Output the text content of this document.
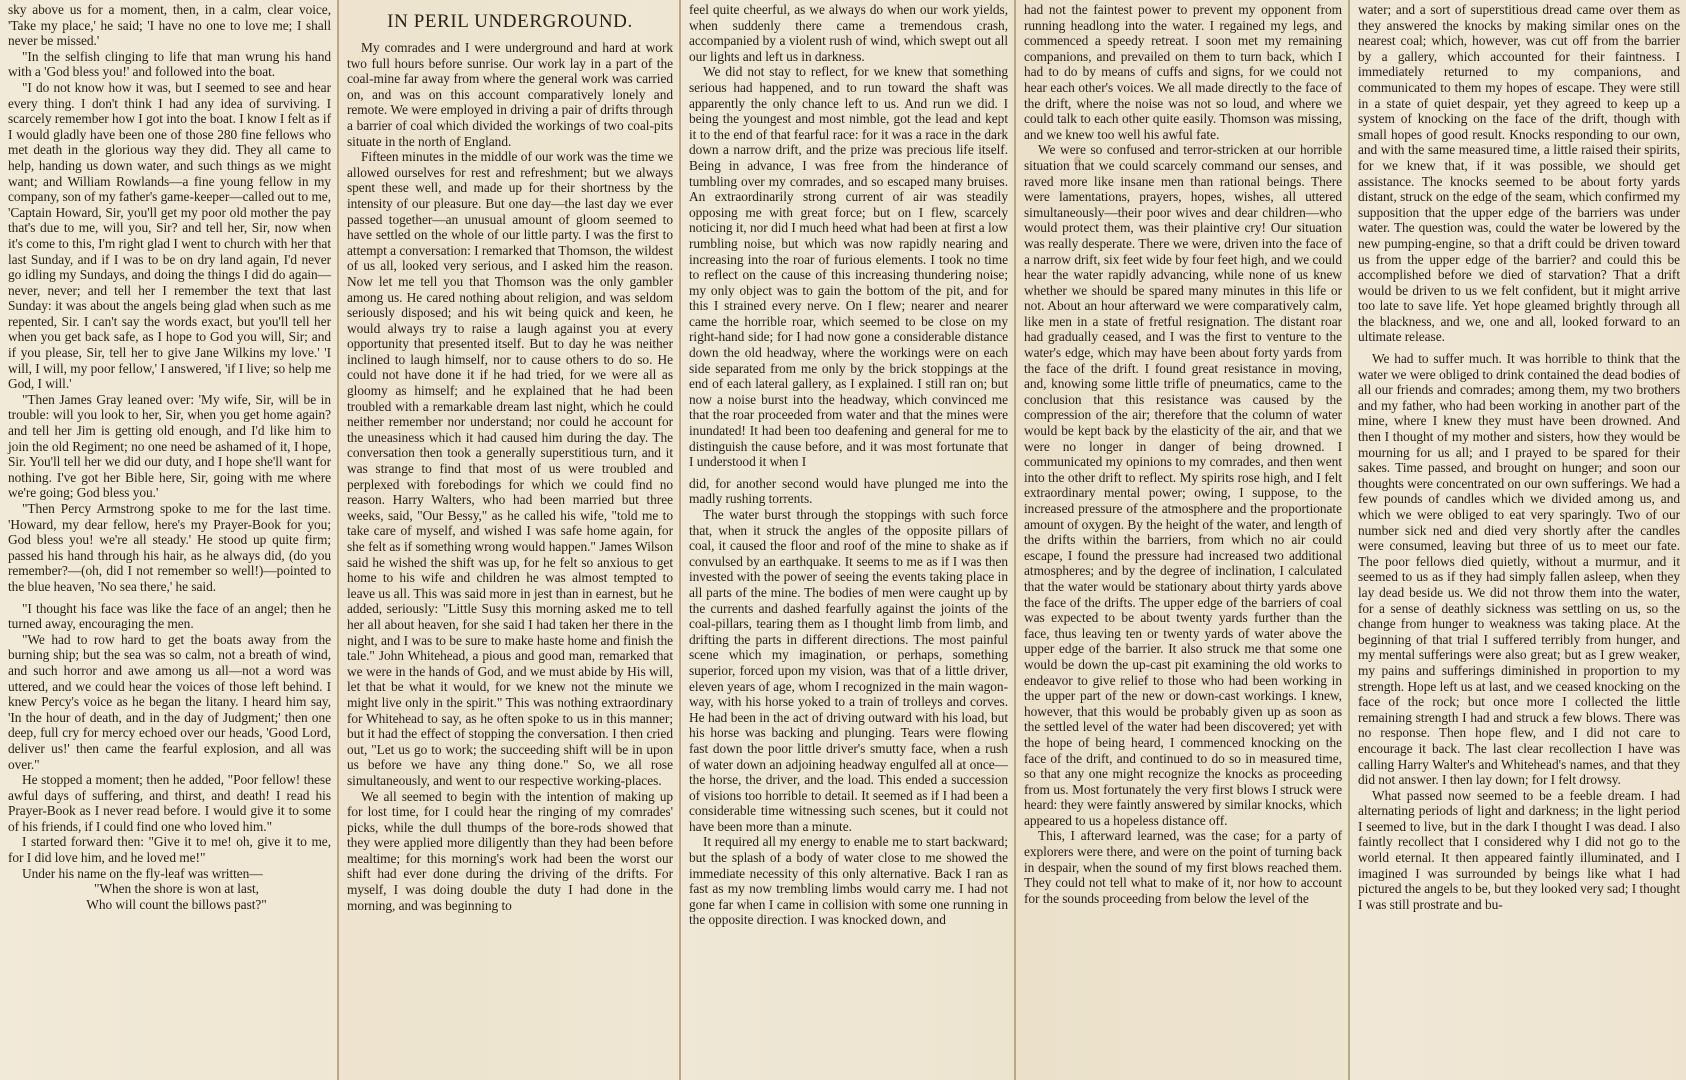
sky above us for a moment, then, in a calm, clear voice, 'Take my place,' he said; 'I have no one to love me; I shall never be missed.'

"In the selfish clinging to life that man wrung his hand with a 'God bless you!' and followed into the boat.

"I do not know how it was, but I seemed to see and hear every thing. I don't think I had any idea of surviving. I scarcely remember how I got into the boat. I know I felt as if I would gladly have been one of those 280 fine fellows who met death in the glorious way they did. They all came to help, handing us down water, and such things as we might want; and William Rowlands—a fine young fellow in my company, son of my father's game-keeper—called out to me, 'Captain Howard, Sir, you'll get my poor old mother the pay that's due to me, will you, Sir? and tell her, Sir, now when it's come to this, I'm right glad I went to church with her that last Sunday, and if I was to be on dry land again, I'd never go idling my Sundays, and doing the things I did do again—never, never; and tell her I remember the text that last Sunday: it was about the angels being glad when such as me repented, Sir. I can't say the words exact, but you'll tell her when you get back safe, as I hope to God you will, Sir; and if you please, Sir, tell her to give Jane Wilkins my love.' 'I will, I will, my poor fellow,' I answered, 'if I live; so help me God, I will.'

"Then James Gray leaned over: 'My wife, Sir, will be in trouble: will you look to her, Sir, when you get home again? and tell her Jim is getting old enough, and I'd like him to join the old Regiment; no one need be ashamed of it, I hope, Sir. You'll tell her we did our duty, and I hope she'll want for nothing. I've got her Bible here, Sir, going with me where we're going; God bless you.'

"Then Percy Armstrong spoke to me for the last time. 'Howard, my dear fellow, here's my Prayer-Book for you; God bless you! we're all steady.' He stood up quite firm; passed his hand through his hair, as he always did, (do you remember?—(oh, did I not remember so well!)—pointed to the blue heaven, 'No sea there,' he said.

"I thought his face was like the face of an angel; then he turned away, encouraging the men.

"We had to row hard to get the boats away from the burning ship; but the sea was so calm, not a breath of wind, and such horror and awe among us all—not a word was uttered, and we could hear the voices of those left behind. I knew Percy's voice as he began the litany. I heard him say, 'In the hour of death, and in the day of Judgment;' then one deep, full cry for mercy echoed over our heads, 'Good Lord, deliver us!' then came the fearful explosion, and all was over."

He stopped a moment; then he added, "Poor fellow! these awful days of suffering, and thirst, and death! I read his Prayer-Book as I never read before. I would give it to some of his friends, if I could find one who loved him."

I started forward then: "Give it to me! oh, give it to me, for I did love him, and he loved me!"

Under his name on the fly-leaf was written—

"When the shore is won at last,

Who will count the billows past?"

IN PERIL UNDERGROUND.

My comrades and I were underground and hard at work two full hours before sunrise. Our work lay in a part of the coal-mine far away from where the general work was carried on, and was on this account comparatively lonely and remote. We were employed in driving a pair of drifts through a barrier of coal which divided the workings of two coal-pits situate in the north of England.

Fifteen minutes in the middle of our work was the time we allowed ourselves for rest and refreshment; but we always spent these well, and made up for their shortness by the intensity of our pleasure. But one day—the last day we ever passed together—an unusual amount of gloom seemed to have settled on the whole of our little party. I was the first to attempt a conversation: I remarked that Thomson, the wildest of us all, looked very serious, and I asked him the reason. Now let me tell you that Thomson was the only gambler among us. He cared nothing about religion, and was seldom seriously disposed; and his wit being quick and keen, he would always try to raise a laugh against you at every opportunity that presented itself. But to day he was neither inclined to laugh himself, nor to cause others to do so. He could not have done it if he had tried, for we were all as gloomy as himself; and he explained that he had been troubled with a remarkable dream last night, which he could neither remember nor understand; nor could he account for the uneasiness which it had caused him during the day. The conversation then took a generally superstitious turn, and it was strange to find that most of us were troubled and perplexed with forebodings for which we could find no reason. Harry Walters, who had been married but three weeks, said, "Our Bessy," as he called his wife, "told me to take care of myself, and wished I was safe home again, for she felt as if something wrong would happen." James Wilson said he wished the shift was up, for he felt so anxious to get home to his wife and children he was almost tempted to leave us all. This was said more in jest than in earnest, but he added, seriously: "Little Susy this morning asked me to tell her all about heaven, for she said I had taken her there in the night, and I was to be sure to make haste home and finish the tale." John Whitehead, a pious and good man, remarked that we were in the hands of God, and we must abide by His will, let that be what it would, for we knew not the minute we might live only in the spirit." This was nothing extraordinary for Whitehead to say, as he often spoke to us in this manner; but it had the effect of stopping the conversation. I then cried out, "Let us go to work; the succeeding shift will be in upon us before we have any thing done." So, we all rose simultaneously, and went to our respective working-places.

We all seemed to begin with the intention of making up for lost time, for I could hear the ringing of my comrades' picks, while the dull thumps of the bore-rods showed that they were applied more diligently than they had been before mealtime; for this morning's work had been the worst our shift had ever done during the driving of the drifts. For myself, I was doing double the duty I had done in the morning, and was beginning to

feel quite cheerful, as we always do when our work yields, when suddenly there came a tremendous crash, accompanied by a violent rush of wind, which swept out all our lights and left us in darkness.

We did not stay to reflect, for we knew that something serious had happened, and to run toward the shaft was apparently the only chance left to us. And run we did. I being the youngest and most nimble, got the lead and kept it to the end of that fearful race: for it was a race in the dark down a narrow drift, and the prize was precious life itself. Being in advance, I was free from the hinderance of tumbling over my comrades, and so escaped many bruises. An extraordinarily strong current of air was steadily opposing me with great force; but on I flew, scarcely noticing it, nor did I much heed what had been at first a low rumbling noise, but which was now rapidly nearing and increasing into the roar of furious elements. I took no time to reflect on the cause of this increasing thundering noise; my only object was to gain the bottom of the pit, and for this I strained every nerve. On I flew; nearer and nearer came the horrible roar, which seemed to be close on my right-hand side; for I had now gone a considerable distance down the old headway, where the workings were on each side separated from me only by the brick stoppings at the end of each lateral gallery, as I explained. I still ran on; but now a noise burst into the headway, which convinced me that the roar proceeded from water and that the mines were inundated! It had been too deafening and general for me to distinguish the cause before, and it was most fortunate that I understood it when I

did, for another second would have plunged me into the madly rushing torrents.

The water burst through the stoppings with such force that, when it struck the angles of the opposite pillars of coal, it caused the floor and roof of the mine to shake as if convulsed by an earthquake. It seems to me as if I was then invested with the power of seeing the events taking place in all parts of the mine. The bodies of men were caught up by the currents and dashed fearfully against the joints of the coal-pillars, tearing them as I thought limb from limb, and drifting the parts in different directions. The most painful scene which my imagination, or perhaps, something superior, forced upon my vision, was that of a little driver, eleven years of age, whom I recognized in the main wagon-way, with his horse yoked to a train of trolleys and corves. He had been in the act of driving outward with his load, but his horse was backing and plunging. Tears were flowing fast down the poor little driver's smutty face, when a rush of water down an adjoining headway engulfed all at once—the horse, the driver, and the load. This ended a succession of visions too horrible to detail. It seemed as if I had been a considerable time witnessing such scenes, but it could not have been more than a minute.

It required all my energy to enable me to start backward; but the splash of a body of water close to me showed the immediate necessity of this only alternative. Back I ran as fast as my now trembling limbs would carry me. I had not gone far when I came in collision with some one running in the opposite direction. I was knocked down, and

had not the faintest power to prevent my opponent from running headlong into the water. I regained my legs, and commenced a speedy retreat. I soon met my remaining companions, and prevailed on them to turn back, which I had to do by means of cuffs and signs, for we could not hear each other's voices. We all made directly to the face of the drift, where the noise was not so loud, and where we could talk to each other quite easily. Thomson was missing, and we knew too well his awful fate.

We were so confused and terror-stricken at our horrible situation that we could scarcely command our senses, and raved more like insane men than rational beings. There were lamentations, prayers, hopes, wishes, all uttered simultaneously—their poor wives and dear children—who would protect them, was their plaintive cry! Our situation was really desperate. There we were, driven into the face of a narrow drift, six feet wide by four feet high, and we could hear the water rapidly advancing, while none of us knew whether we should be spared many minutes in this life or not. About an hour afterward we were comparatively calm, like men in a state of fretful resignation. The distant roar had gradually ceased, and I was the first to venture to the water's edge, which may have been about forty yards from the face of the drift. I found great resistance in moving, and, knowing some little trifle of pneumatics, came to the conclusion that this resistance was caused by the compression of the air; therefore that the column of water would be kept back by the elasticity of the air, and that we were no longer in danger of being drowned. I communicated my opinions to my comrades, and then went into the other drift to reflect. My spirits rose high, and I felt extraordinary mental power; owing, I suppose, to the increased pressure of the atmosphere and the proportionate amount of oxygen. By the height of the water, and length of the drifts within the barriers, from which no air could escape, I found the pressure had increased two additional atmospheres; and by the degree of inclination, I calculated that the water would be stationary about thirty yards above the face of the drifts. The upper edge of the barriers of coal was expected to be about twenty yards further than the face, thus leaving ten or twenty yards of water above the upper edge of the barrier. It also struck me that some one would be down the up-cast pit examining the old works to endeavor to give relief to those who had been working in the upper part of the new or down-cast workings. I knew, however, that this would be probably given up as soon as the settled level of the water had been discovered; yet with the hope of being heard, I commenced knocking on the face of the drift, and continued to do so in measured time, so that any one might recognize the knocks as proceeding from us. Most fortunately the very first blows I struck were heard: they were faintly answered by similar knocks, which appeared to us a hopeless distance off.

This, I afterward learned, was the case; for a party of explorers were there, and were on the point of turning back in despair, when the sound of my first blows reached them. They could not tell what to make of it, nor how to account for the sounds proceeding from below the level of the

water; and a sort of superstitious dread came over them as they answered the knocks by making similar ones on the nearest coal; which, however, was cut off from the barrier by a gallery, which accounted for their faintness. I immediately returned to my companions, and communicated to them my hopes of escape. They were still in a state of quiet despair, yet they agreed to keep up a system of knocking on the face of the drift, though with small hopes of good result. Knocks responding to our own, and with the same measured time, a little raised their spirits, for we knew that, if it was possible, we should get assistance. The knocks seemed to be about forty yards distant, struck on the edge of the seam, which confirmed my supposition that the upper edge of the barriers was under water. The question was, could the water be lowered by the new pumping-engine, so that a drift could be driven toward us from the upper edge of the barrier? and could this be accomplished before we died of starvation? That a drift would be driven to us we felt confident, but it might arrive too late to save life. Yet hope gleamed brightly through all the blackness, and we, one and all, looked forward to an ultimate release.

We had to suffer much. It was horrible to think that the water we were obliged to drink contained the dead bodies of all our friends and comrades; among them, my two brothers and my father, who had been working in another part of the mine, where I knew they must have been drowned. And then I thought of my mother and sisters, how they would be mourning for us all; and I prayed to be spared for their sakes. Time passed, and brought on hunger; and soon our thoughts were concentrated on our own sufferings. We had a few pounds of candles which we divided among us, and which we were obliged to eat very sparingly. Two of our number sick ned and died very shortly after the candles were consumed, leaving but three of us to meet our fate. The poor fellows died quietly, without a murmur, and it seemed to us as if they had simply fallen asleep, when they lay dead beside us. We did not throw them into the water, for a sense of deathly sickness was settling on us, so the change from hunger to weakness was taking place. At the beginning of that trial I suffered terribly from hunger, and my mental sufferings were also great; but as I grew weaker, my pains and sufferings diminished in proportion to my strength. Hope left us at last, and we ceased knocking on the face of the rock; but once more I collected the little remaining strength I had and struck a few blows. There was no response. Then hope flew, and I did not care to encourage it back. The last clear recollection I have was calling Harry Walter's and Whitehead's names, and that they did not answer. I then lay down; for I felt drowsy.

What passed now seemed to be a feeble dream. I had alternating periods of light and darkness; in the light period I seemed to live, but in the dark I thought I was dead. I also faintly recollect that I considered why I did not go to the world eternal. It then appeared faintly illuminated, and I imagined I was surrounded by beings like what I had pictured the angels to be, but they looked very sad; I thought I was still prostrate and bu-
